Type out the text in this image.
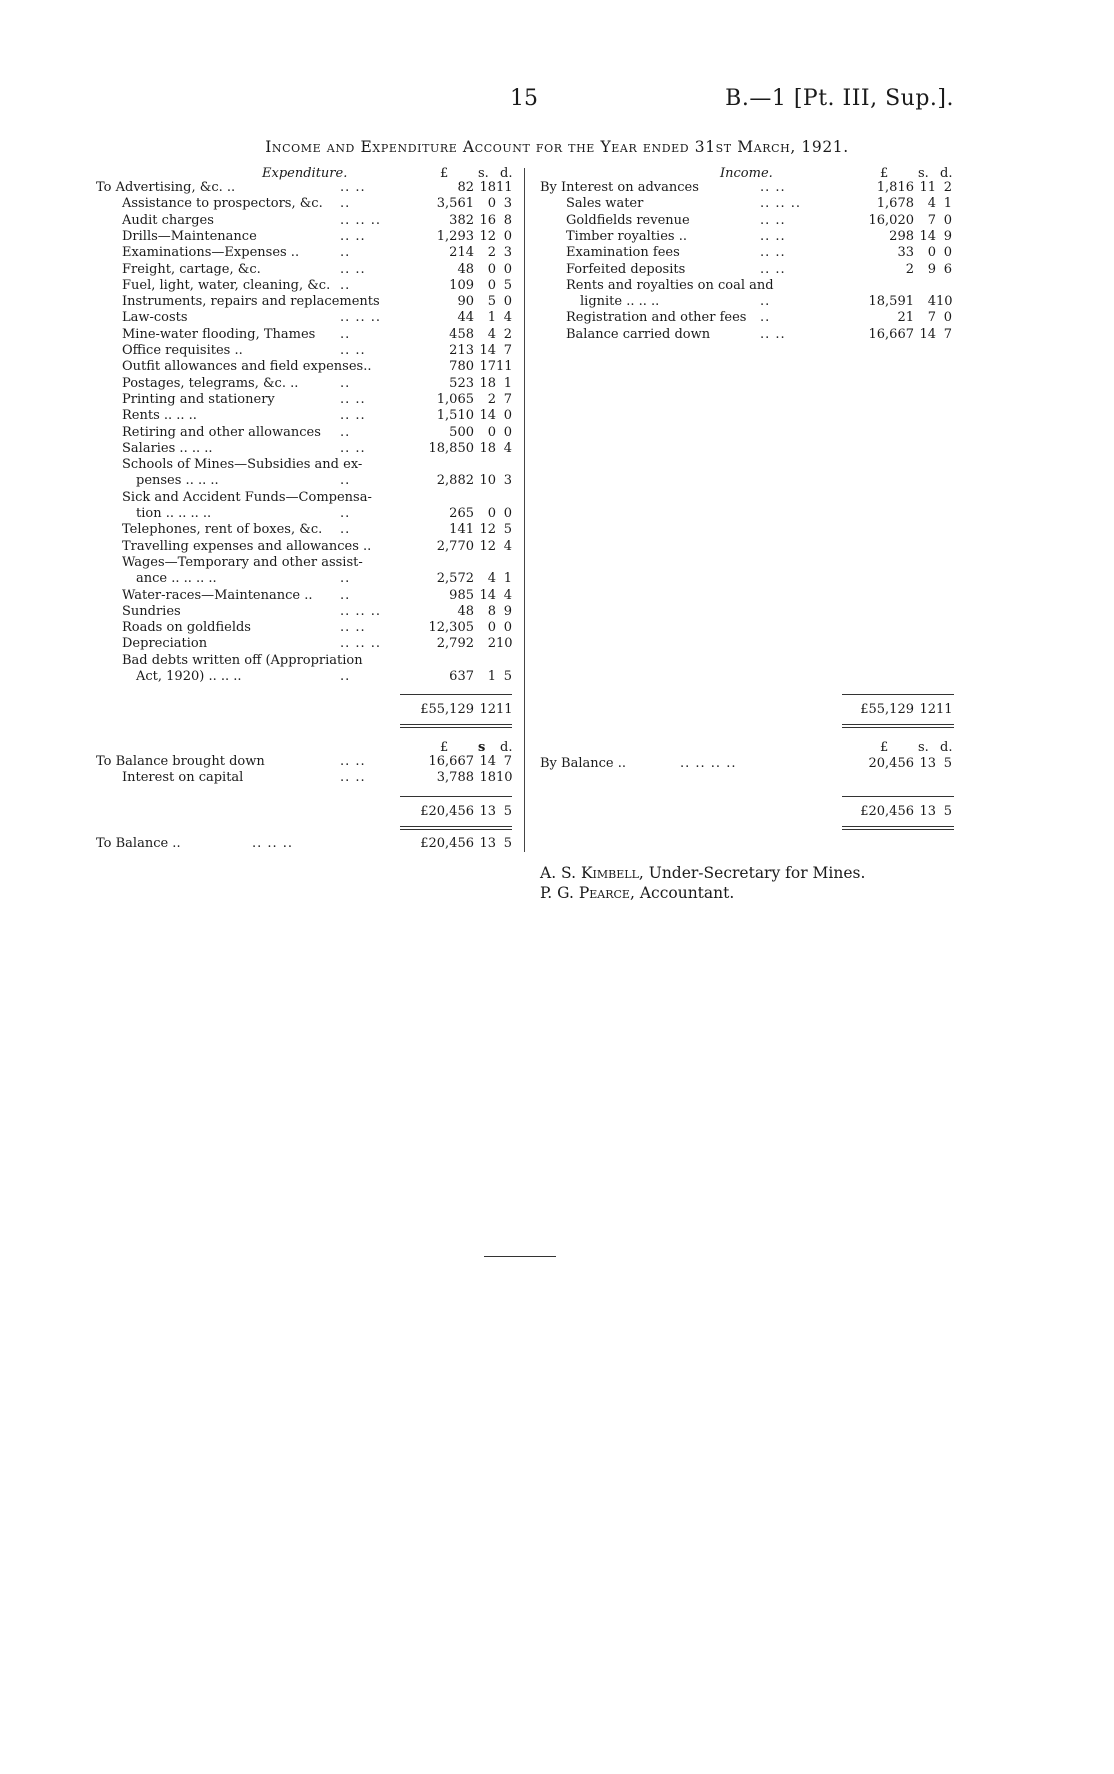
15	B.—1 [Pt. III, Sup.].
Income and Expenditure Account for the Year ended 31st March, 1921.
Expenditure.	£ s. d.	Income.	£ s. d.
To Advertising, &c. ..	.. ..	82 18 11
Assistance to prospectors, &c. ..	3,561	0 3
Audit charges	.. .. ..	382 16 8
Drills—Maintenance	.. ..	1,293 12 0
Examinations—Expenses ..	..	214	2 3
Freight, cartage, &c.	.. ..	48	0 0
Fuel, light, water, cleaning, &c. ..	109	0 5
Instruments, repairs and replacements	90	5 0
Law-costs	.. .. ..	44	1 4
Mine-water flooding, Thames ..	458	4 2
Office requisites ..	.. ..	213 14 7
Outfit allowances and field expenses..	780 17 11
Postages, telegrams, &c. ..	..	523 18 1
Printing and stationery	.. ..	1,065	2 7
Rents .. .. ..	.. ..	1,510 14 0
Retiring and other allowances ..	500	0 0
Salaries .. .. ..	.. ..	18,850 18 4
Schools of Mines—Subsidies and ex-
penses .. .. ..	..	2,882 10 3
Sick and Accident Funds—Compensa-
tion .. .. .. ..	..	265	0 0
Telephones, rent of boxes, &c. ..	141 12 5
Travelling expenses and allowances ..	2,770 12 4
Wages—Temporary and other assist-
ance .. .. .. ..	..	2,572	4 1
Water-races—Maintenance .. ..	985 14 4
Sundries	.. .. ..	48	8 9
Roads on goldfields	.. ..	12,305	0 0
Depreciation	.. .. ..	2,792	2 10
Bad debts written off (Appropriation
Act, 1920) .. .. ..	..	637	1 5
By Interest on advances	.. ..	1,816 11 2
Sales water	.. .. ..	1,678	4 1
Goldfields revenue	.. ..	16,020	7 0
Timber royalties ..	.. ..	298 14 9
Examination fees	.. ..	33	0 0
Forfeited deposits	.. ..	2	9 6
Rents and royalties on coal and
lignite .. .. ..	..	18,591	4 10
Registration and other fees ..	21	7 0
Balance carried down	.. ..	16,667 14 7
£55,129 12 11	£55,129 12 11
£ s d.	£ s. d.
To Balance brought down	.. ..	16,667 14 7
Interest on capital	.. ..	3,788 18 10
By Balance ..	.. .. .. ..	20,456 13 5
£20,456 13 5	£20,456 13 5
To Balance ..	.. .. ..	£20,456 13 5
A. S. Kimbell, Under-Secretary for Mines.
P. G. Pearce, Accountant.
